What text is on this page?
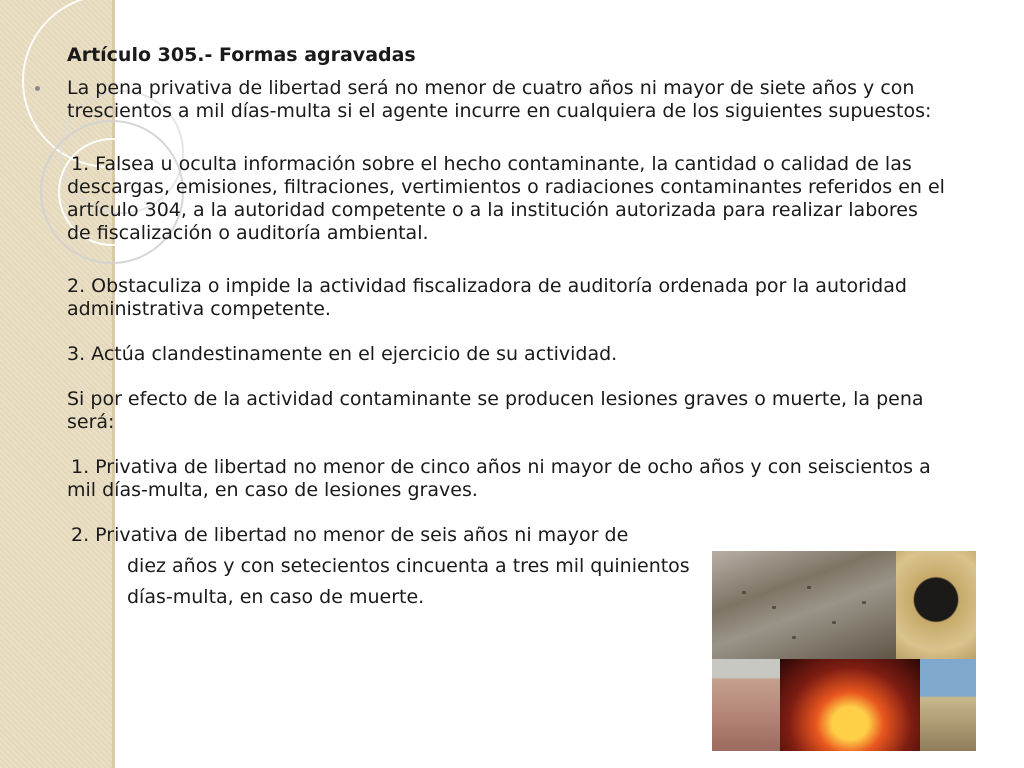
Artículo 305.- Formas agravadas

La pena privativa de libertad será no menor de cuatro años ni mayor de siete años y con trescientos a mil días-multa si el agente incurre en cualquiera de los siguientes supuestos:

1. Falsea u oculta información sobre el hecho contaminante, la cantidad o calidad de las descargas, emisiones, filtraciones, vertimientos o radiaciones contaminantes referidos en el artículo 304, a la autoridad competente o a la institución autorizada para realizar labores de fiscalización o auditoría ambiental.

2. Obstaculiza o impide la actividad fiscalizadora de auditoría ordenada por la autoridad administrativa competente.

3. Actúa clandestinamente en el ejercicio de su actividad.

Si por efecto de la actividad contaminante se producen lesiones graves o muerte, la pena será:

1. Privativa de libertad no menor de cinco años ni mayor de ocho años y con seiscientos a mil días-multa, en caso de lesiones graves.

2. Privativa de libertad no menor de seis años ni mayor de

diez años y con setecientos cincuenta a tres mil quinientos

días-multa, en caso de muerte.
